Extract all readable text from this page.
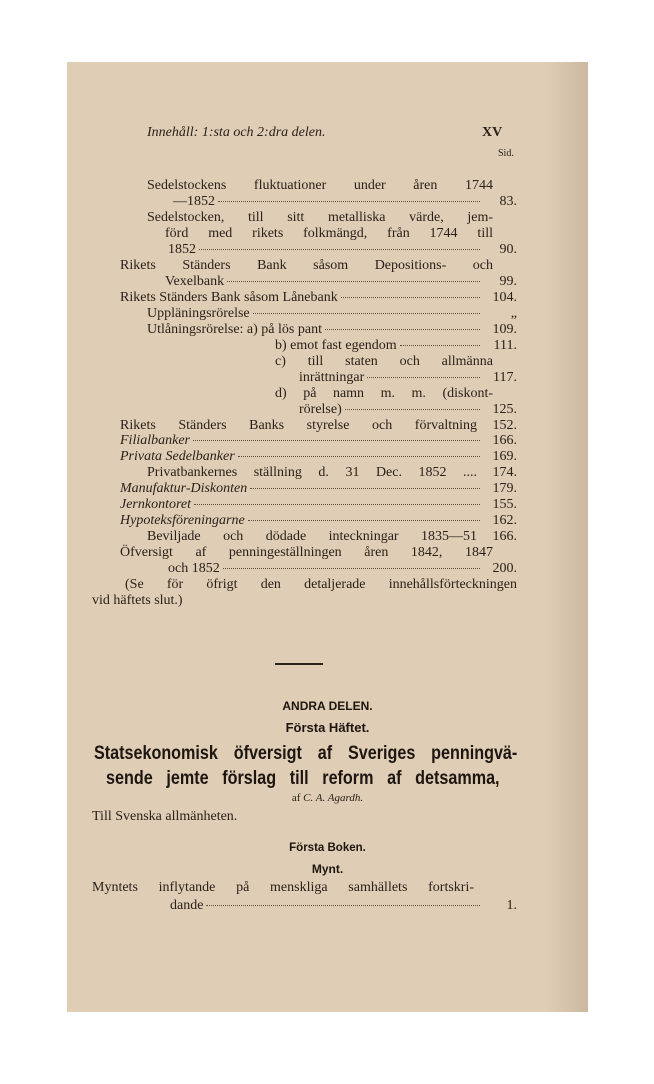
Innehåll: 1:sta och 2:dra delen.	XV
Sid.
Sedelstockens fluktuationer under åren 1744
—1852	83.
Sedelstocken, till sitt metalliska värde, jem-
förd med rikets folkmängd, från 1744 till
1852	90.
Rikets Ständers Bank såsom Depositions- och
Vexelbank	99.
Rikets Ständers Bank såsom Lånebank	104.
Uppläningsrörelse	„
Utlåningsrörelse: a) på lös pant	109.
b) emot fast egendom	111.
c) till staten och allmänna
inrättningar	117.
d) på namn m. m. (diskont-
rörelse)	125.
Rikets Ständers Banks styrelse och förvaltning	152.
Filialbanker	166.
Privata Sedelbanker	169.
Privatbankernes ställning d. 31 Dec. 1852 ....	174.
Manufaktur-Diskonten	179.
Jernkontoret	155.
Hypoteksföreningarne	162.
Beviljade och dödade inteckningar 1835—51	166.
Öfversigt af penningeställningen åren 1842, 1847
och 1852	200.
(Se för öfrigt den detaljerade innehållsförteckningen
vid häftets slut.)
ANDRA DELEN.
Första Häftet.
Statsekonomisk öfversigt af Sveriges penningvä-
sende jemte förslag till reform af detsamma,
af C. A. Agardh.
Till Svenska allmänheten.
Första Boken.
Mynt.
Myntets inflytande på menskliga samhällets fortskri-
dande	1.
